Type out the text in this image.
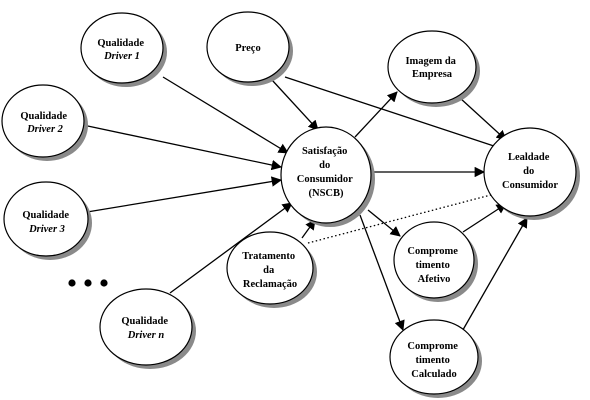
Qualidade Driver 1
Preço
Imagem da Empresa
Qualidade Driver 2
Satisfação do Consumidor (NSCB)
Lealdade do Consumidor
Qualidade Driver 3
Tratamento da Reclamação
Comprome timento Afetivo
Qualidade Driver n
Comprome timento Calculado
